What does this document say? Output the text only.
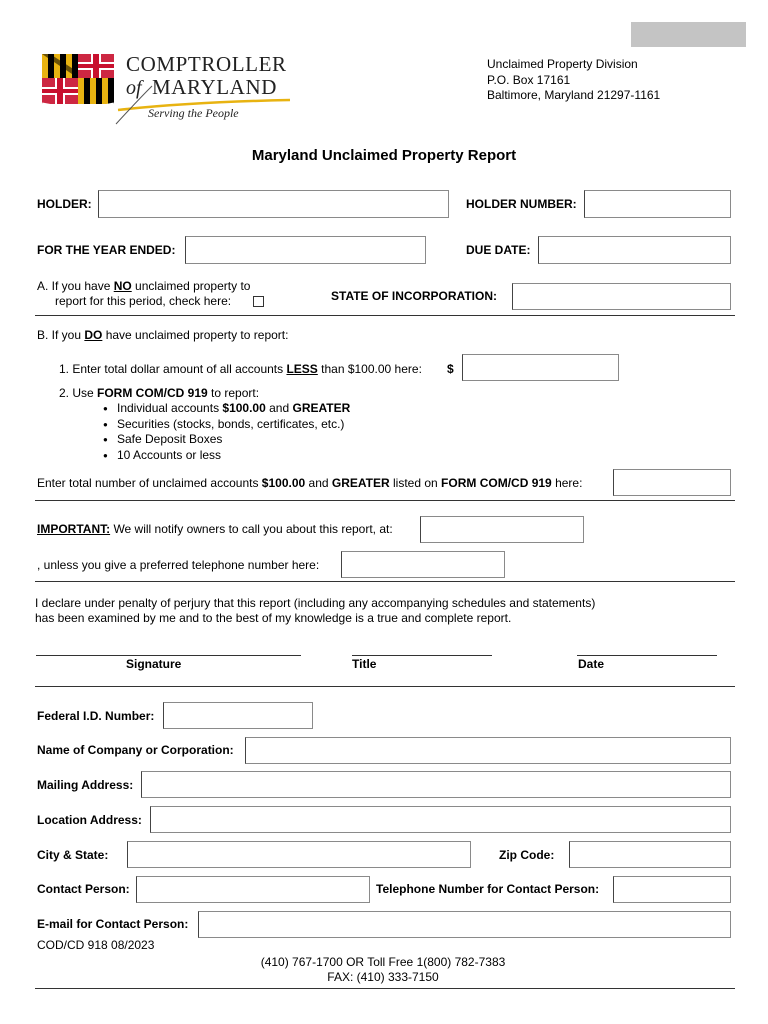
COMPTROLLER
of MARYLAND
Serving the People
Unclaimed Property Division
P.O. Box 17161
Baltimore, Maryland 21297-1161
Maryland Unclaimed Property Report
HOLDER:	HOLDER NUMBER:
FOR THE YEAR ENDED:	DUE DATE:
A. If you have NO unclaimed property to
report for this period, check here:	STATE OF INCORPORATION:
B. If you DO have unclaimed property to report:
1. Enter total dollar amount of all accounts LESS than $100.00 here: $
2. Use FORM COM/CD 919 to report:
● Individual accounts $100.00 and GREATER
● Securities (stocks, bonds, certificates, etc.)
● Safe Deposit Boxes
● 10 Accounts or less
Enter total number of unclaimed accounts $100.00 and GREATER listed on FORM COM/CD 919 here:
IMPORTANT: We will notify owners to call you about this report, at:
, unless you give a preferred telephone number here:
I declare under penalty of perjury that this report (including any accompanying schedules and statements)
has been examined by me and to the best of my knowledge is a true and complete report.
Signature	Title	Date
Federal I.D. Number:
Name of Company or Corporation:
Mailing Address:
Location Address:
City & State:	Zip Code:
Contact Person:	Telephone Number for Contact Person:
E-mail for Contact Person:
COD/CD 918 08/2023
(410) 767-1700 OR Toll Free 1(800) 782-7383
FAX: (410) 333-7150
